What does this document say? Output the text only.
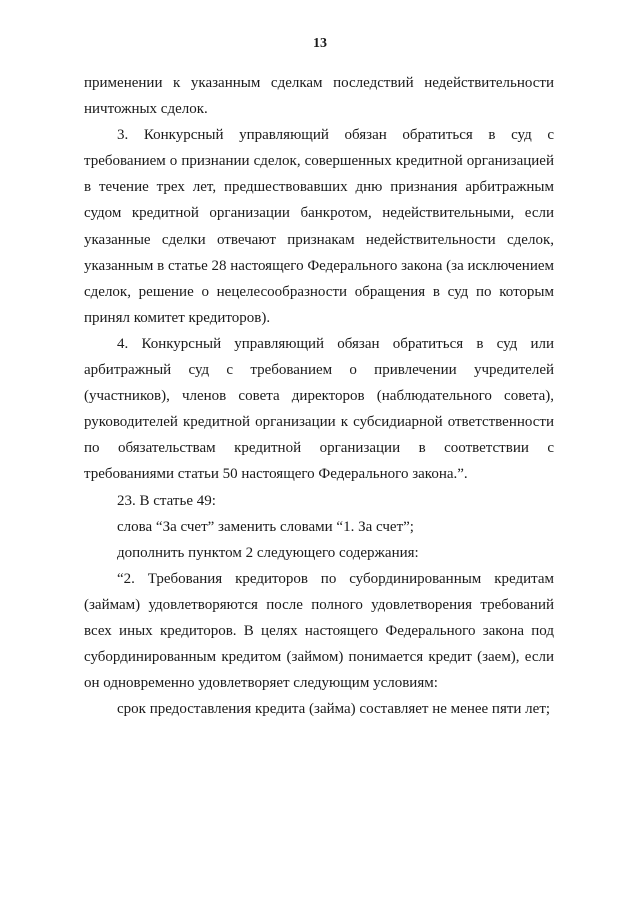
13

применении к указанным сделкам последствий недействительности ничтожных сделок.

3. Конкурсный управляющий обязан обратиться в суд с требованием о признании сделок, совершенных кредитной организацией в течение трех лет, предшествовавших дню признания арбитражным судом кредитной организации банкротом, недействительными, если указанные сделки отвечают признакам недействительности сделок, указанным в статье 28 настоящего Федерального закона (за исключением сделок, решение о нецелесообразности обращения в суд по которым принял комитет кредиторов).

4. Конкурсный управляющий обязан обратиться в суд или арбитражный суд с требованием о привлечении учредителей (участников), членов совета директоров (наблюдательного совета), руководителей кредитной организации к субсидиарной ответственности по обязательствам кредитной организации в соответствии с требованиями статьи 50 настоящего Федерального закона.”.

23. В статье 49:

слова “За счет” заменить словами “1. За счет”;

дополнить пунктом 2 следующего содержания:

“2. Требования кредиторов по субординированным кредитам (займам) удовлетворяются после полного удовлетворения требований всех иных кредиторов. В целях настоящего Федерального закона под субординированным кредитом (займом) понимается кредит (заем), если он одновременно удовлетворяет следующим условиям:

срок предоставления кредита (займа) составляет не менее пяти лет;
